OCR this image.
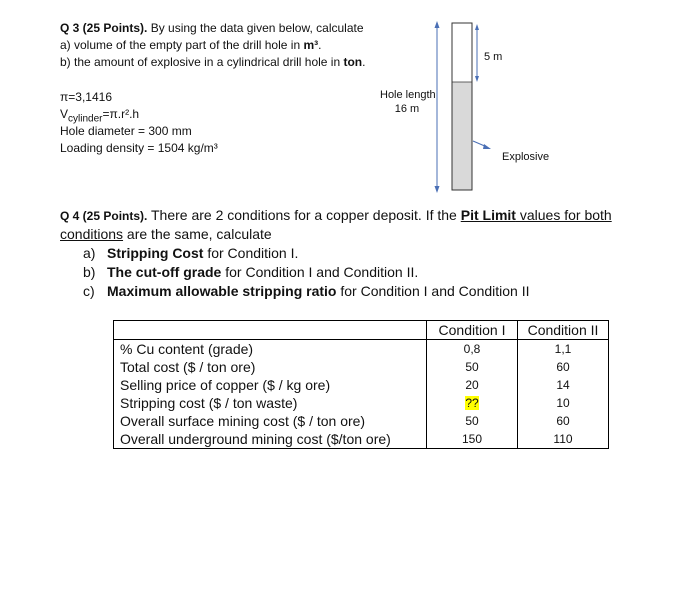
Q 3 (25 Points). By using the data given below, calculate
a) volume of the empty part of the drill hole in m³.
b) the amount of explosive in a cylindrical drill hole in ton.
π=3,1416
$V_{cylinder}=\pi.r^2.h$
Hole diameter = 300 mm
Loading density = 1504 kg/m³
Hole length
16 m
5 m
Explosive
Q 4 (25 Points). There are 2 conditions for a copper deposit. If the Pit Limit values for both
conditions are the same, calculate
a) Stripping Cost for Condition I.
b) The cut-off grade for Condition I and Condition II.
c) Maximum allowable stripping ratio for Condition I and Condition II
	Condition I	Condition II
% Cu content (grade)	0,8	1,1
Total cost ($ / ton ore)	50	60
Selling price of copper ($ / kg ore)	20	14
Stripping cost ($ / ton waste)	??	10
Overall surface mining cost ($ / ton ore)	50	60
Overall underground mining cost ($/ton ore)	150	110
